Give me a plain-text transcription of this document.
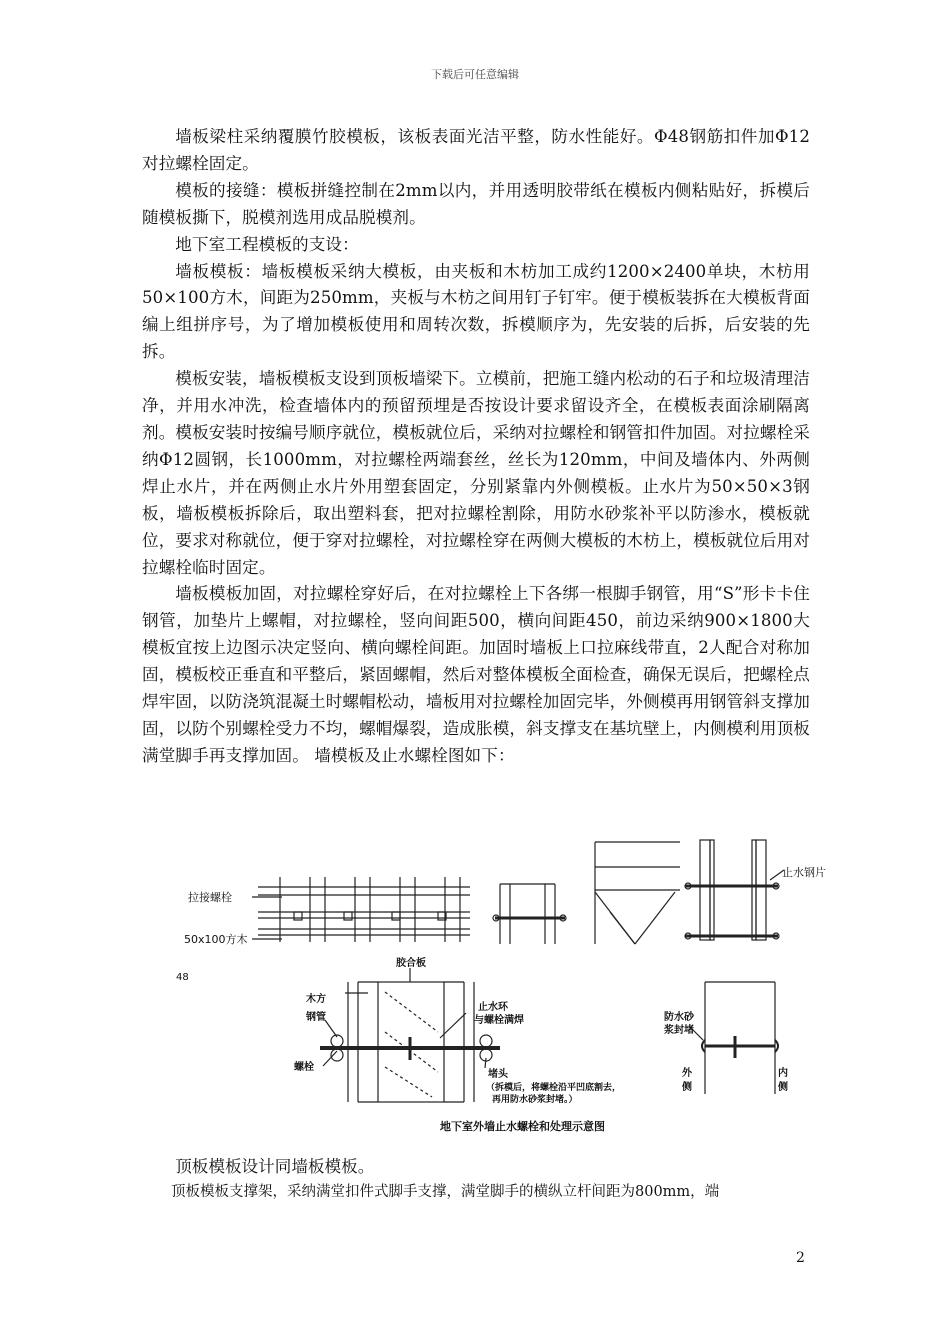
下载后可任意编辑

墙板梁柱采纳覆膜竹胶模板，该板表面光洁平整，防水性能好。Φ48钢筋扣件加Φ12对拉螺栓固定。

模板的接缝：模板拼缝控制在2mm以内，并用透明胶带纸在模板内侧粘贴好，拆模后随模板撕下，脱模剂选用成品脱模剂。

地下室工程模板的支设：

墙板模板：墙板模板采纳大模板，由夹板和木枋加工成约1200×2400单块，木枋用50×100方木，间距为250mm，夹板与木枋之间用钉子钉牢。便于模板装拆在大模板背面编上组拼序号，为了增加模板使用和周转次数，拆模顺序为，先安装的后拆，后安装的先拆。

模板安装，墙板模板支设到顶板墙梁下。立模前，把施工缝内松动的石子和垃圾清理洁净，并用水冲洗，检查墙体内的预留预埋是否按设计要求留设齐全，在模板表面涂刷隔离剂。模板安装时按编号顺序就位，模板就位后，采纳对拉螺栓和钢管扣件加固。对拉螺栓采纳Φ12圆钢，长1000mm，对拉螺栓两端套丝，丝长为120mm，中间及墙体内、外两侧焊止水片，并在两侧止水片外用塑套固定，分别紧靠内外侧模板。止水片为50×50×3钢板，墙板模板拆除后，取出塑料套，把对拉螺栓割除，用防水砂浆补平以防渗水，模板就位，要求对称就位，便于穿对拉螺栓，对拉螺栓穿在两侧大模板的木枋上，模板就位后用对拉螺栓临时固定。

墙板模板加固，对拉螺栓穿好后，在对拉螺栓上下各绑一根脚手钢管，用“S”形卡卡住钢管，加垫片上螺帽，对拉螺栓，竖向间距500，横向间距450，前边采纳900×1800大模板宜按上边图示决定竖向、横向螺栓间距。加固时墙板上口拉麻线带直，2人配合对称加固，模板校正垂直和平整后，紧固螺帽，然后对整体模板全面检查，确保无误后，把螺栓点焊牢固，以防浇筑混凝土时螺帽松动，墙板用对拉螺栓加固完毕，外侧模再用钢管斜支撑加固，以防个别螺栓受力不均，螺帽爆裂，造成胀模，斜支撑支在基坑壁上，内侧模利用顶板满堂脚手再支撑加固。 墙模板及止水螺栓图如下：

拉接螺栓
50x100方木
止水钢片
48
胶合板
木方
钢管
螺栓
止水环
与螺栓满焊
堵头
（拆模后，将螺栓沿平凹底割去，
再用防水砂浆封堵。）
防水砂
浆封堵
外
侧
内
侧
地下室外墙止水螺栓和处理示意图
顶板模板设计同墙板模板。
顶板模板支撑架，采纳满堂扣件式脚手支撑，满堂脚手的横纵立杆间距为800mm，端
2
